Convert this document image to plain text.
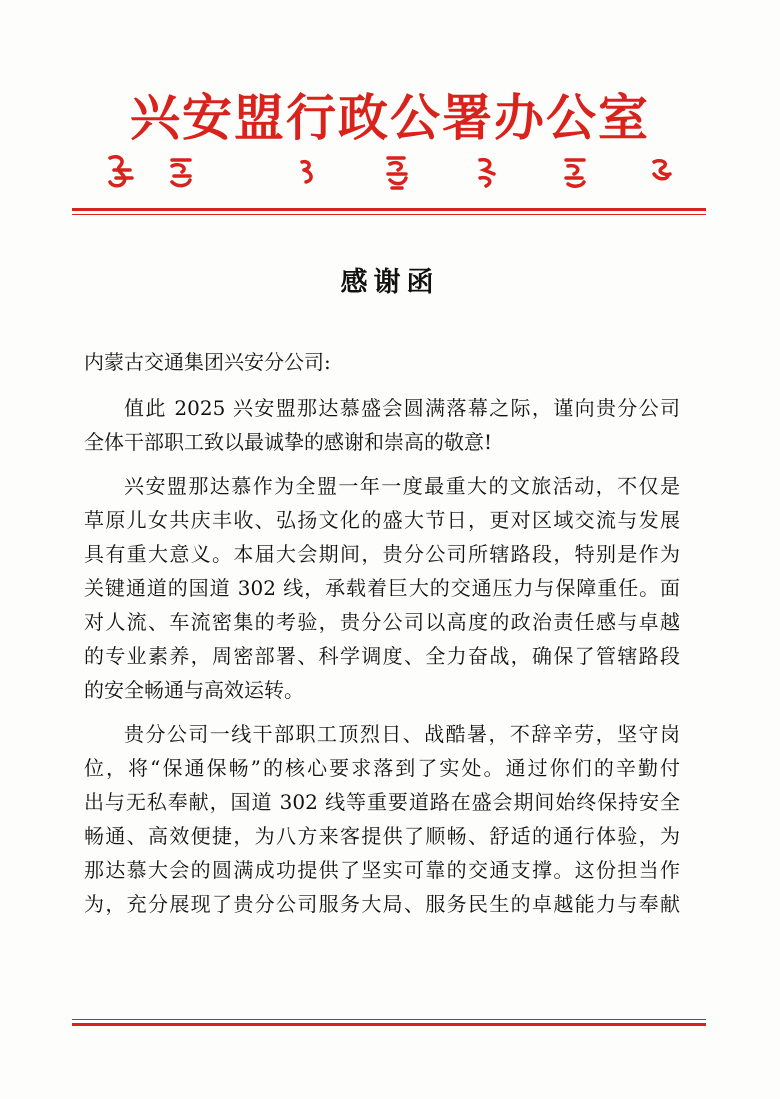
兴安盟行政公署办公室
感谢函
内蒙古交通集团兴安分公司:
值此 2025 兴安盟那达慕盛会圆满落幕之际，谨向贵分公司
全体干部职工致以最诚挚的感谢和崇高的敬意!
兴安盟那达慕作为全盟一年一度最重大的文旅活动，不仅是
草原儿女共庆丰收、弘扬文化的盛大节日，更对区域交流与发展
具有重大意义。本届大会期间，贵分公司所辖路段，特别是作为
关键通道的国道 302 线，承载着巨大的交通压力与保障重任。面
对人流、车流密集的考验，贵分公司以高度的政治责任感与卓越
的专业素养，周密部署、科学调度、全力奋战，确保了管辖路段
的安全畅通与高效运转。
贵分公司一线干部职工顶烈日、战酷暑，不辞辛劳，坚守岗
位，将“保通保畅”的核心要求落到了实处。通过你们的辛勤付
出与无私奉献，国道 302 线等重要道路在盛会期间始终保持安全
畅通、高效便捷，为八方来客提供了顺畅、舒适的通行体验，为
那达慕大会的圆满成功提供了坚实可靠的交通支撑。这份担当作
为，充分展现了贵分公司服务大局、服务民生的卓越能力与奉献
